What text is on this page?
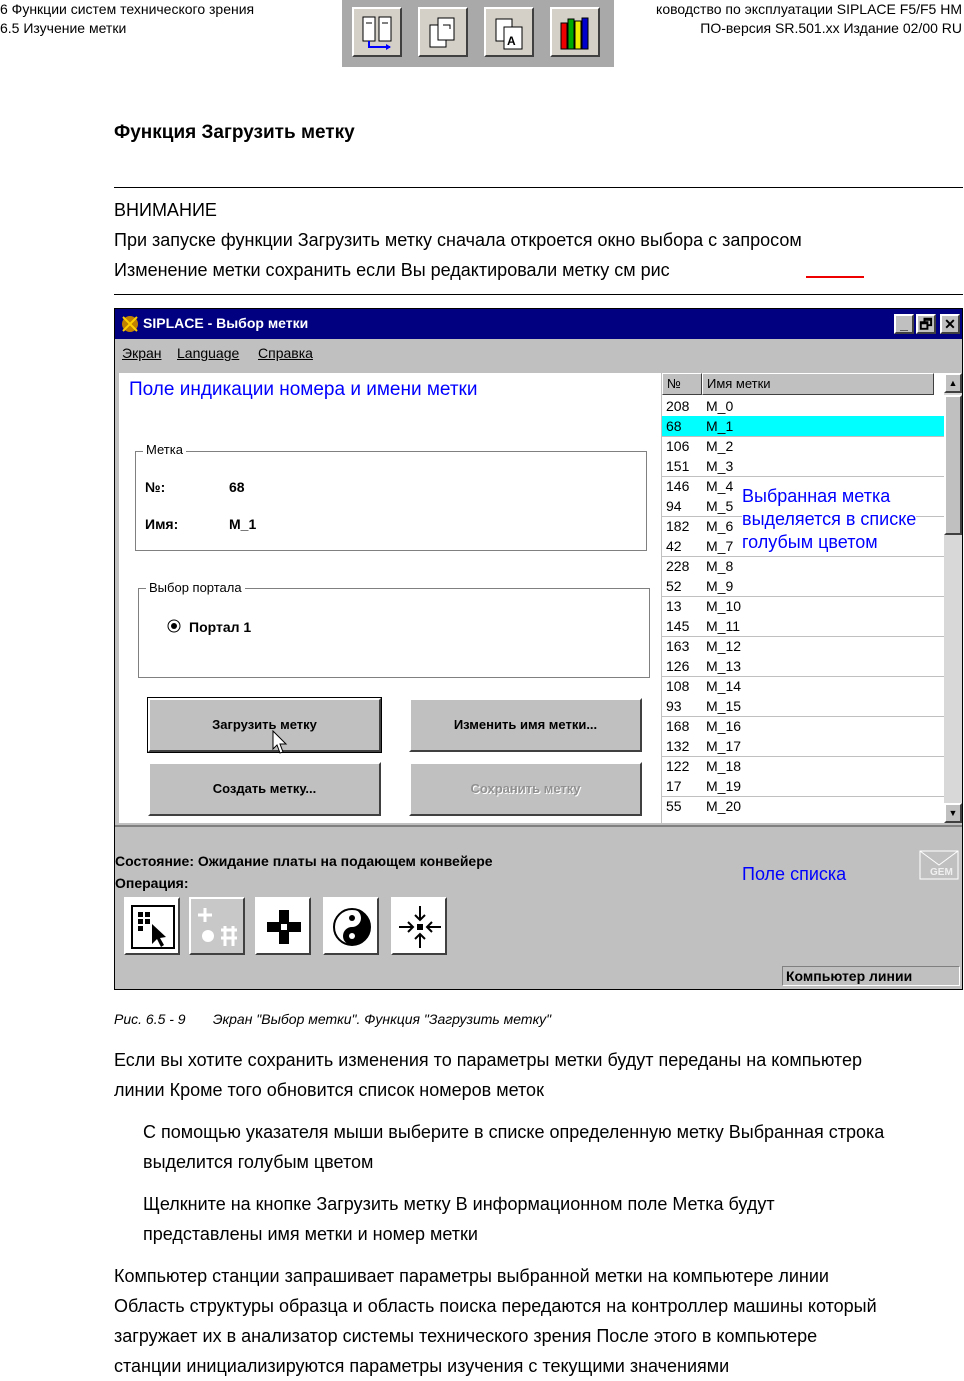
6 Функции систем технического зрения
6.5 Изучение метки
ководство по эксплуатации SIPLACE F5/F5 HM
ПО-версия SR.501.xx Издание 02/00 RU
A
Функция Загрузить метку
ВНИМАНИЕ
При запуске функции Загрузить метку сначала откроется окно выбора с запросом
Изменение метки сохранить если Вы редактировали метку см рис
SIPLACE - Выбор метки	_ 🗗 ✕
Экран Language Справка
Поле индикации номера и имени метки
Метка
№:	68
Имя:	M_1
Выбор портала
Портал 1
Загрузить метку	Изменить имя метки...
Создать метку...	Сохранить метку
№	Имя метки
208 M_0
68 M_1
106 M_2
151 M_3
146 M_4
94 M_5
182 M_6
42 M_7
228 M_8
52 M_9
13 M_10
145 M_11
163 M_12
126 M_13
108 M_14
93 M_15
168 M_16
132 M_17
122 M_18
17 M_19
55 M_20
Выбранная метка
выделяется в списке
голубым цветом
▲
▼
Состояние: Ожидание платы на подающем конвейере
Операция:	Поле списка	GEM
Компьютер линии
Рис. 6.5 - 9       Экран "Выбор метки". Функция "Загрузить метку"
Если вы хотите сохранить изменения то параметры метки будут переданы на компьютер
линии Кроме того обновится список номеров меток
С помощью указателя мыши выберите в списке определенную метку Выбранная строка
выделится голубым цветом
Щелкните на кнопке Загрузить метку В информационном поле Метка будут
представлены имя метки и номер метки
Компьютер станции запрашивает параметры выбранной метки на компьютере линии
Область структуры образца и область поиска передаются на контроллер машины который
загружает их в анализатор системы технического зрения После этого в компьютере
станции инициализируются параметры изучения с текущими значениями
